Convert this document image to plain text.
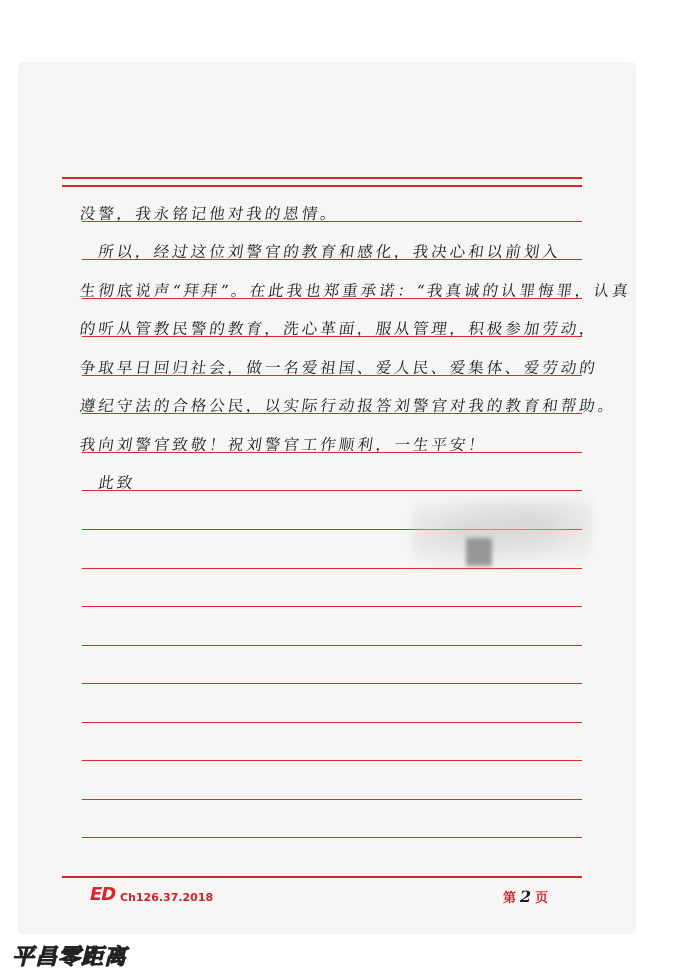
没警，我永铭记他对我的恩情。
　所以，经过这位刘警官的教育和感化，我决心和以前划入
生彻底说声“拜拜”。在此我也郑重承诺：“我真诚的认罪悔罪，认真
的听从管教民警的教育，洗心革面，服从管理，积极参加劳动，
争取早日回归社会，做一名爱祖国、爱人民、爱集体、爱劳动的
遵纪守法的合格公民，以实际行动报答刘警官对我的教育和帮助。
我向刘警官致敬！祝刘警官工作顺利，一生平安！
　此致
ED Ch126.37.2018	第 2 页
平昌零距离
